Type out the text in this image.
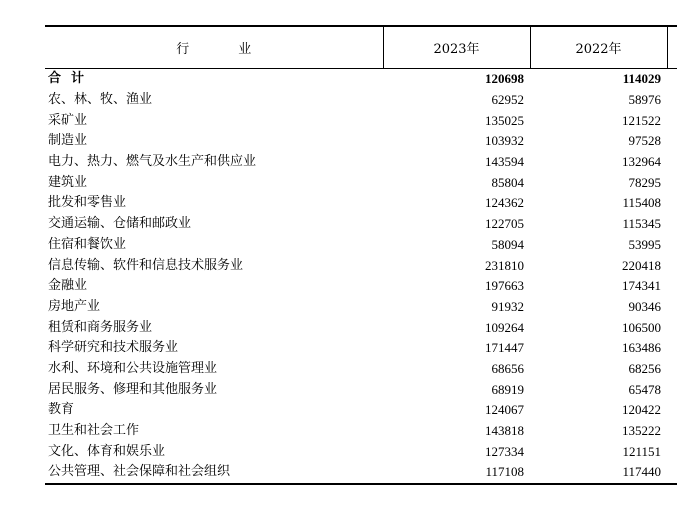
行　业	2023年	2022年	
合计	120698	114029	
农、林、牧、渔业	62952	58976	
采矿业	135025	121522	
制造业	103932	97528	
电力、热力、燃气及水生产和供应业	143594	132964	
建筑业	85804	78295	
批发和零售业	124362	115408	
交通运输、仓储和邮政业	122705	115345	
住宿和餐饮业	58094	53995	
信息传输、软件和信息技术服务业	231810	220418	
金融业	197663	174341	
房地产业	91932	90346	
租赁和商务服务业	109264	106500	
科学研究和技术服务业	171447	163486	
水利、环境和公共设施管理业	68656	68256	
居民服务、修理和其他服务业	68919	65478	
教育	124067	120422	
卫生和社会工作	143818	135222	
文化、体育和娱乐业	127334	121151	
公共管理、社会保障和社会组织	117108	117440	
